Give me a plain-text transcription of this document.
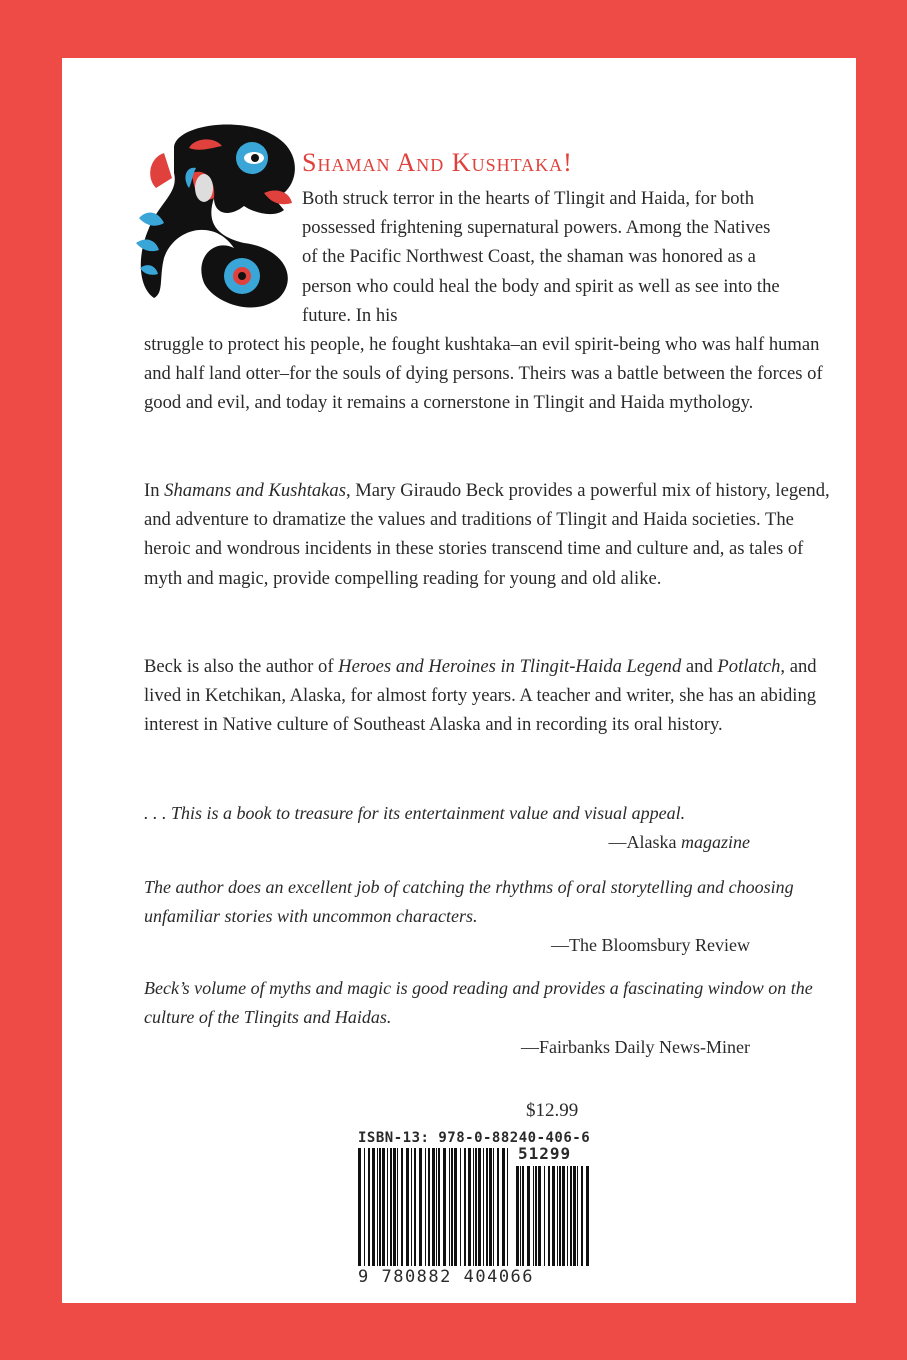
Shaman And Kushtaka!

Both struck terror in the hearts of Tlingit and Haida, for both possessed frightening supernatural powers. Among the Natives of the Pacific Northwest Coast, the shaman was honored as a person who could heal the body and spirit as well as see into the future. In his

struggle to protect his people, he fought kushtaka–an evil spirit-being who was half human and half land otter–for the souls of dying persons. Theirs was a battle between the forces of good and evil, and today it remains a cornerstone in Tlingit and Haida mythology.

In Shamans and Kushtakas, Mary Giraudo Beck provides a powerful mix of history, legend, and adventure to dramatize the values and traditions of Tlingit and Haida societies. The heroic and wondrous incidents in these stories transcend time and culture and, as tales of myth and magic, provide compelling reading for young and old alike.

Beck is also the author of Heroes and Heroines in Tlingit-Haida Legend and Potlatch, and lived in Ketchikan, Alaska, for almost forty years. A teacher and writer, she has an abiding interest in Native culture of Southeast Alaska and in recording its oral history.

. . . This is a book to treasure for its entertainment value and visual appeal.

—Alaska magazine

The author does an excellent job of catching the rhythms of oral storytelling and choosing unfamiliar stories with uncommon characters.

—The Bloomsbury Review

Beck’s volume of myths and magic is good reading and provides a fascinating window on the culture of the Tlingits and Haidas.

—Fairbanks Daily News-Miner

$12.99

ISBN-13: 978-0-88240-406-6

51299

9 780882 404066
